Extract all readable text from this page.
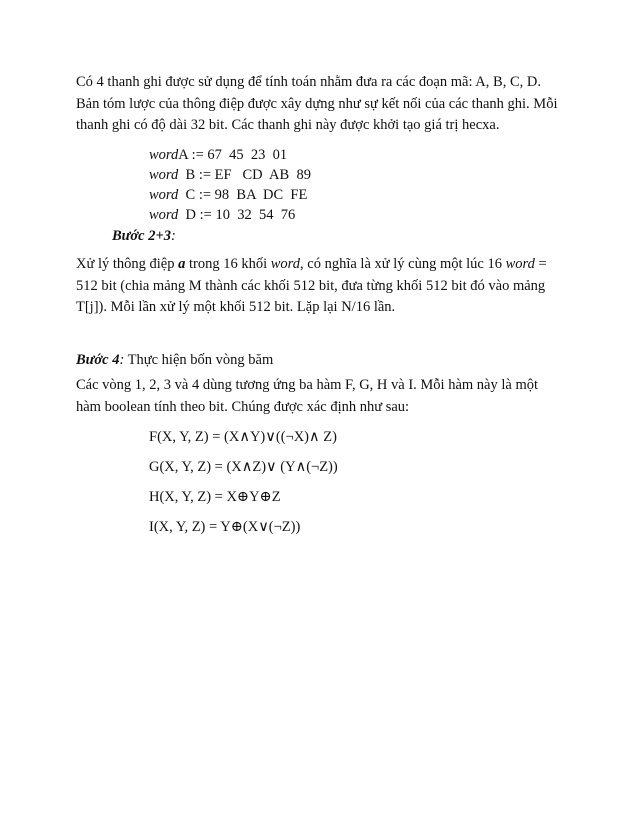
Có 4 thanh ghi được sử dụng để tính toán nhằm đưa ra các đoạn mã: A, B, C, D.
Bản tóm lược của thông điệp được xây dựng như sự kết nối của các thanh ghi. Mỗi
thanh ghi có độ dài 32 bit. Các thanh ghi này được khởi tạo giá trị hecxa.

wordA := 67  45  23  01

word  B := EF   CD  AB  89

word  C := 98  BA  DC  FE

word  D := 10  32  54  76

Bước 2+3:

Xử lý thông điệp a trong 16 khối word, có nghĩa là xử lý cùng một lúc 16 word =
512 bit (chia mảng M thành các khối 512 bit, đưa từng khối 512 bit đó vào mảng
T[j]). Mỗi lần xử lý một khối 512 bit. Lặp lại N/16 lần.

Bước 4: Thực hiện bốn vòng băm

Các vòng 1, 2, 3 và 4 dùng tương ứng ba hàm F, G, H và I. Mỗi hàm này là một
hàm boolean tính theo bit. Chúng được xác định như sau:

F(X, Y, Z) = (X∧Y)∨((¬X)∧ Z)

G(X, Y, Z) = (X∧Z)∨ (Y∧(¬Z))

H(X, Y, Z) = X⊕Y⊕Z

I(X, Y, Z) = Y⊕(X∨(¬Z))
